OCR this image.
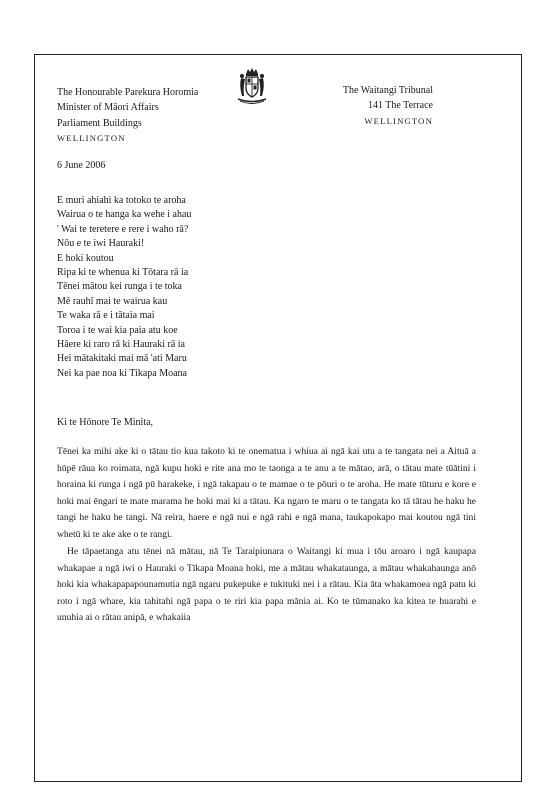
The Honourable Parekura Horomia
Minister of Māori Affairs
Parliament Buildings
WELLINGTON
The Waitangi Tribunal
141 The Terrace
WELLINGTON
6 June 2006
E muri ahiahi ka totoko te aroha
Wairua o te hanga ka wehe i ahau
' Wai te teretere e rere i waho rā?
Nōu e te iwi Hauraki!
E hoki koutou
Ripa ki te whenua ki Tōtara rā ia
Tēnei mātou kei runga i te toka
Mē rauhī mai te wairua kau
Te waka rā e i tātaia mai
Toroa i te wai kia paia atu koe
Hāere ki raro rā ki Hauraki rā ia
Hei mātakitaki mai mā 'ati Maru
Nei ka pae noa ki Tikapa Moana
Ki te Hōnore Te Minita,

Tēnei ka mihi ake ki o tātau tio kua takoto ki te onematua i whiua ai ngā kai utu a te tangata nei a Aituā a hūpē rāua ko roimata, ngā kupu hoki e rite ana mo te taonga a te anu a te mātao, arā, o tātau mate tūātini i horaina ki runga i ngā pū harakeke, i ngā takapau o te mamae o te pōuri o te aroha. He mate tūturu e kore e hoki mai ēngari te mate marama he hoki mai ki a tātau. Ka ngaro te maru o te tangata ko tā tātau he haku he tangi he haku he tangi. Nā reira, haere e ngā nui e ngā rahi e ngā mana, taukapokapo mai koutou ngā tini whetū ki te ake ake o te rangi.

He tāpaetanga atu tēnei nā mātau, nā Te Taraipiunara o Waitangi ki mua i tōu aroaro i ngā kaupapa whakapae a ngā iwi o Hauraki o Tīkapa Moana hoki, me a mātau whakataunga, a mātau whakahaunga anō hoki kia whakapapapounamutia ngā ngaru pukepuke e tukituki nei i a rātau. Kia āta whakamoea ngā patu ki roto i ngā whare, kia tahitahi ngā papa o te riri kia papa mānia ai. Ko te tūmanako ka kitea te huarahi e unuhia ai o rātau anipā, e whakaiia
